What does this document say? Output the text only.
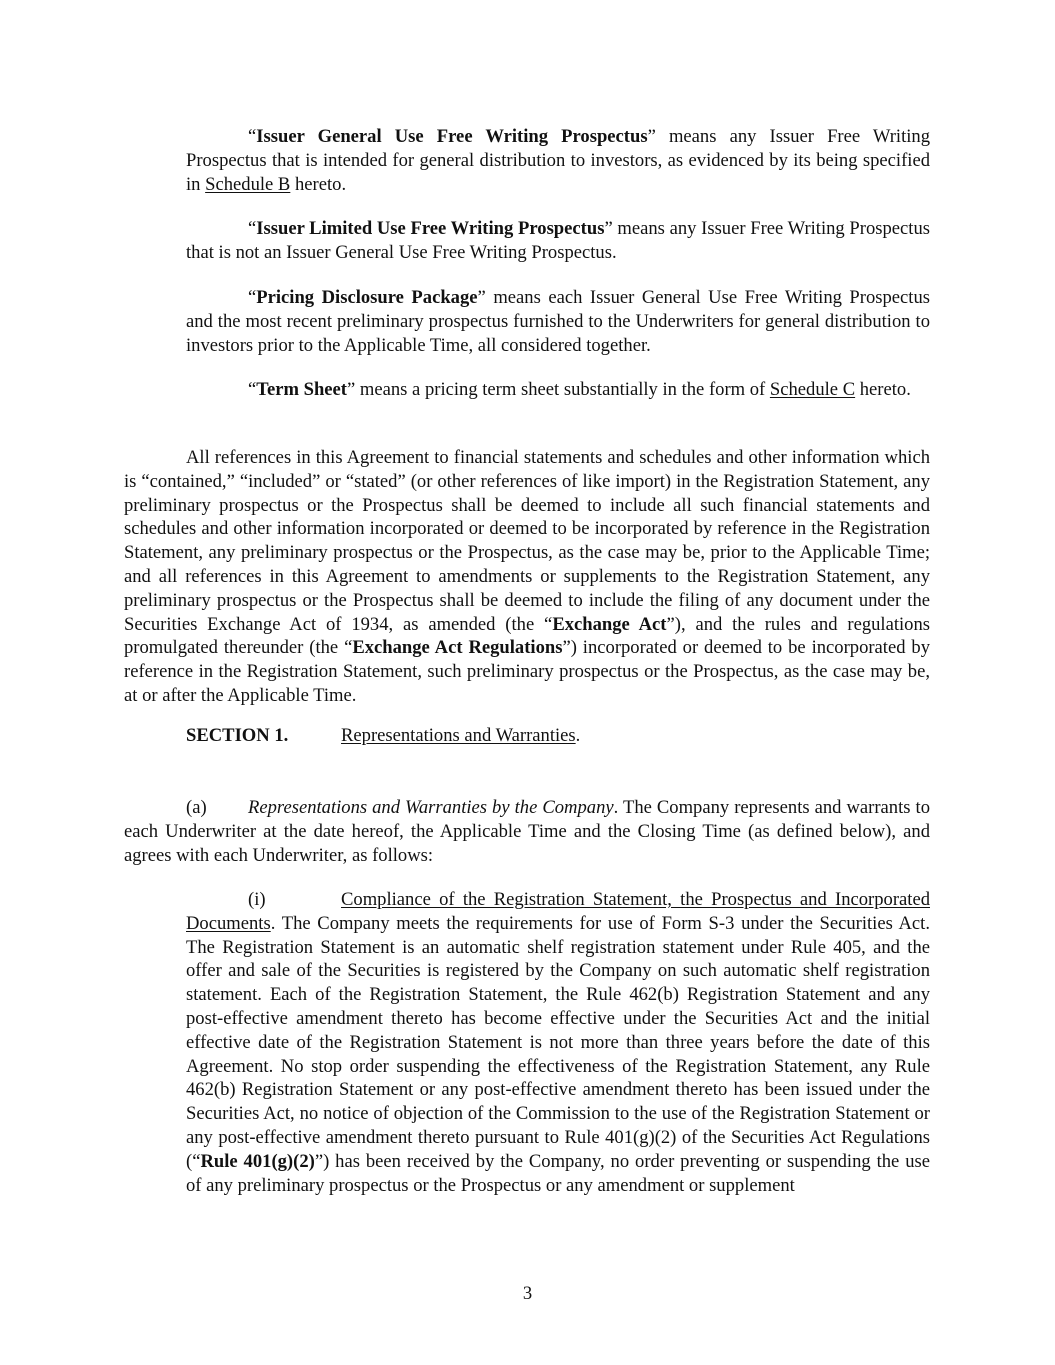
“Issuer General Use Free Writing Prospectus” means any Issuer Free Writing Prospectus that is intended for general distribution to investors, as evidenced by its being specified in Schedule B hereto.

“Issuer Limited Use Free Writing Prospectus” means any Issuer Free Writing Prospectus that is not an Issuer General Use Free Writing Prospectus.

“Pricing Disclosure Package” means each Issuer General Use Free Writing Prospectus and the most recent preliminary prospectus furnished to the Underwriters for general distribution to investors prior to the Applicable Time, all considered together.

“Term Sheet” means a pricing term sheet substantially in the form of Schedule C hereto.

All references in this Agreement to financial statements and schedules and other information which is “contained,” “included” or “stated” (or other references of like import) in the Registration Statement, any preliminary prospectus or the Prospectus shall be deemed to include all such financial statements and schedules and other information incorporated or deemed to be incorporated by reference in the Registration Statement, any preliminary prospectus or the Prospectus, as the case may be, prior to the Applicable Time; and all references in this Agreement to amendments or supplements to the Registration Statement, any preliminary prospectus or the Prospectus shall be deemed to include the filing of any document under the Securities Exchange Act of 1934, as amended (the “Exchange Act”), and the rules and regulations promulgated thereunder (the “Exchange Act Regulations”) incorporated or deemed to be incorporated by reference in the Registration Statement, such preliminary prospectus or the Prospectus, as the case may be, at or after the Applicable Time.

SECTION 1.	Representations and Warranties.

(a) Representations and Warranties by the Company. The Company represents and warrants to each Underwriter at the date hereof, the Applicable Time and the Closing Time (as defined below), and agrees with each Underwriter, as follows:

(i)	Compliance of the Registration Statement, the Prospectus and Incorporated Documents. The Company meets the requirements for use of Form S-3 under the Securities Act. The Registration Statement is an automatic shelf registration statement under Rule 405, and the offer and sale of the Securities is registered by the Company on such automatic shelf registration statement. Each of the Registration Statement, the Rule 462(b) Registration Statement and any post-effective amendment thereto has become effective under the Securities Act and the initial effective date of the Registration Statement is not more than three years before the date of this Agreement. No stop order suspending the effectiveness of the Registration Statement, any Rule 462(b) Registration Statement or any post-effective amendment thereto has been issued under the Securities Act, no notice of objection of the Commission to the use of the Registration Statement or any post-effective amendment thereto pursuant to Rule 401(g)(2) of the Securities Act Regulations (“Rule 401(g)(2)”) has been received by the Company, no order preventing or suspending the use of any preliminary prospectus or the Prospectus or any amendment or supplement

3
